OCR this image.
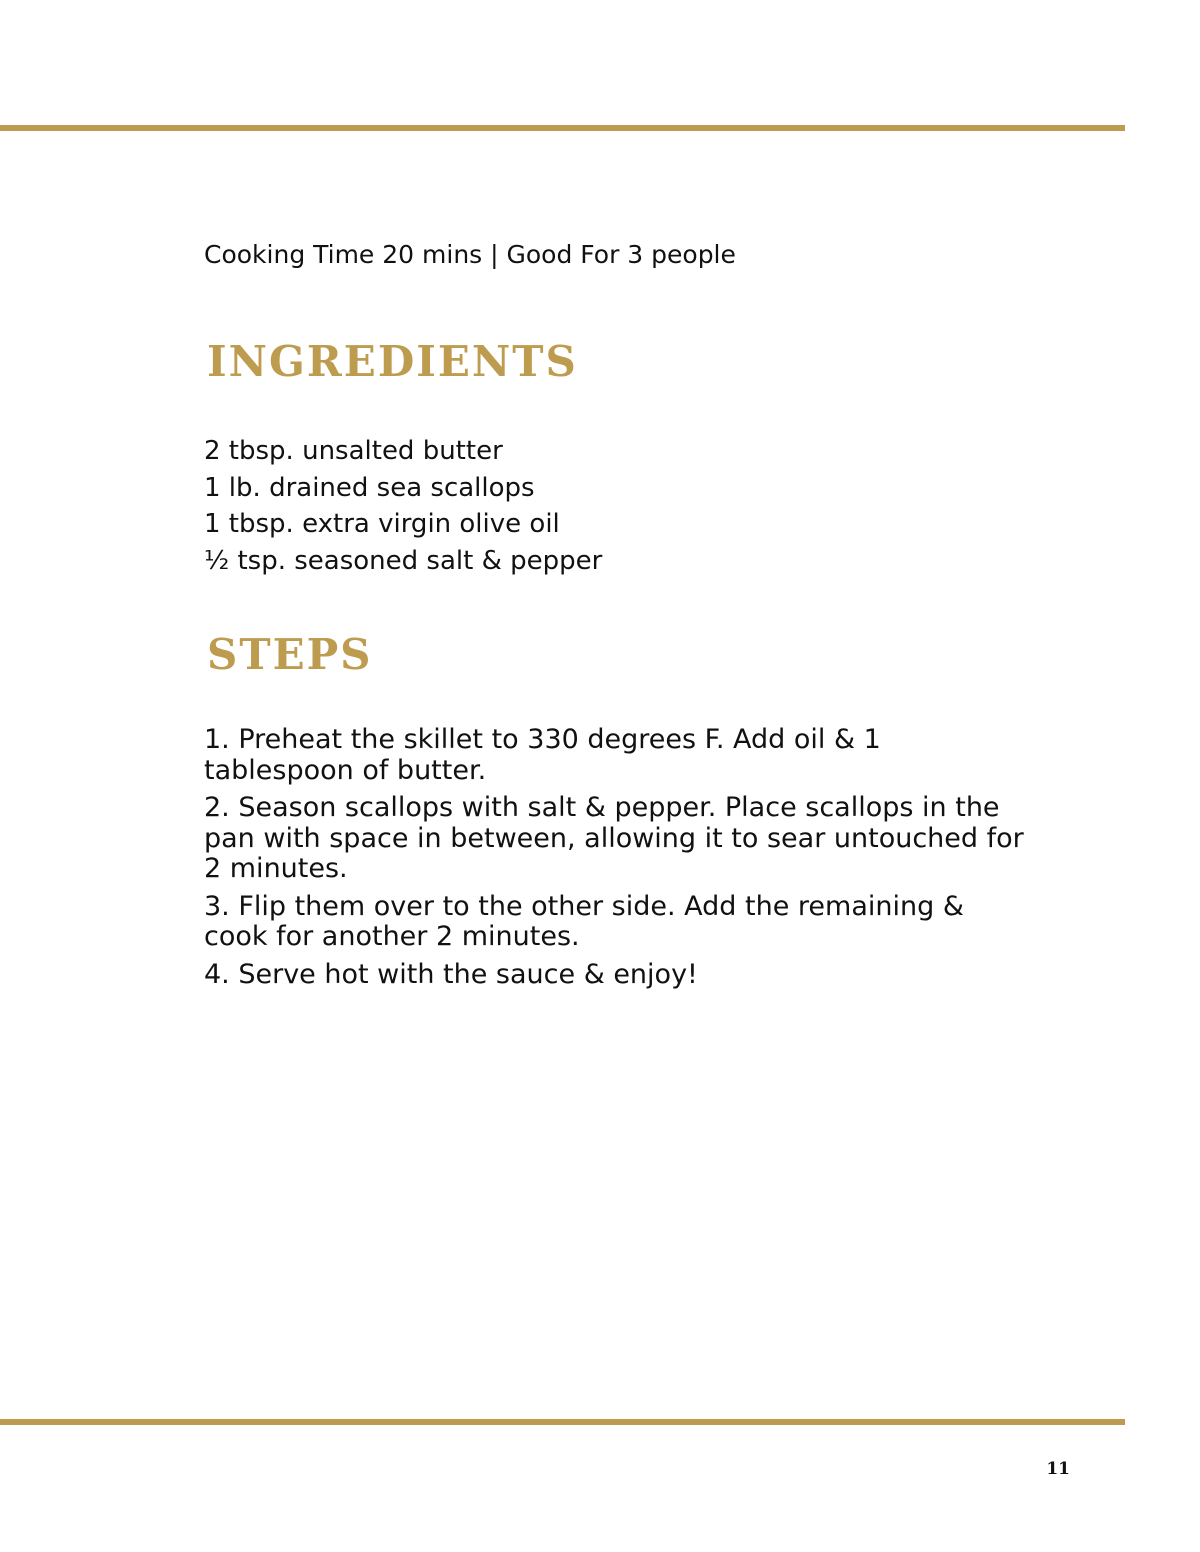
Cooking Time 20 mins | Good For 3 people
INGREDIENTS
2 tbsp. unsalted butter
1 lb. drained sea scallops
1 tbsp. extra virgin olive oil
½ tsp. seasoned salt & pepper
STEPS
1. Preheat the skillet to 330 degrees F. Add oil & 1 tablespoon of butter.
2. Season scallops with salt & pepper. Place scallops in the pan with space in between, allowing it to sear untouched for 2 minutes.
3. Flip them over to the other side. Add the remaining & cook for another 2 minutes.
4. Serve hot with the sauce & enjoy!
11
